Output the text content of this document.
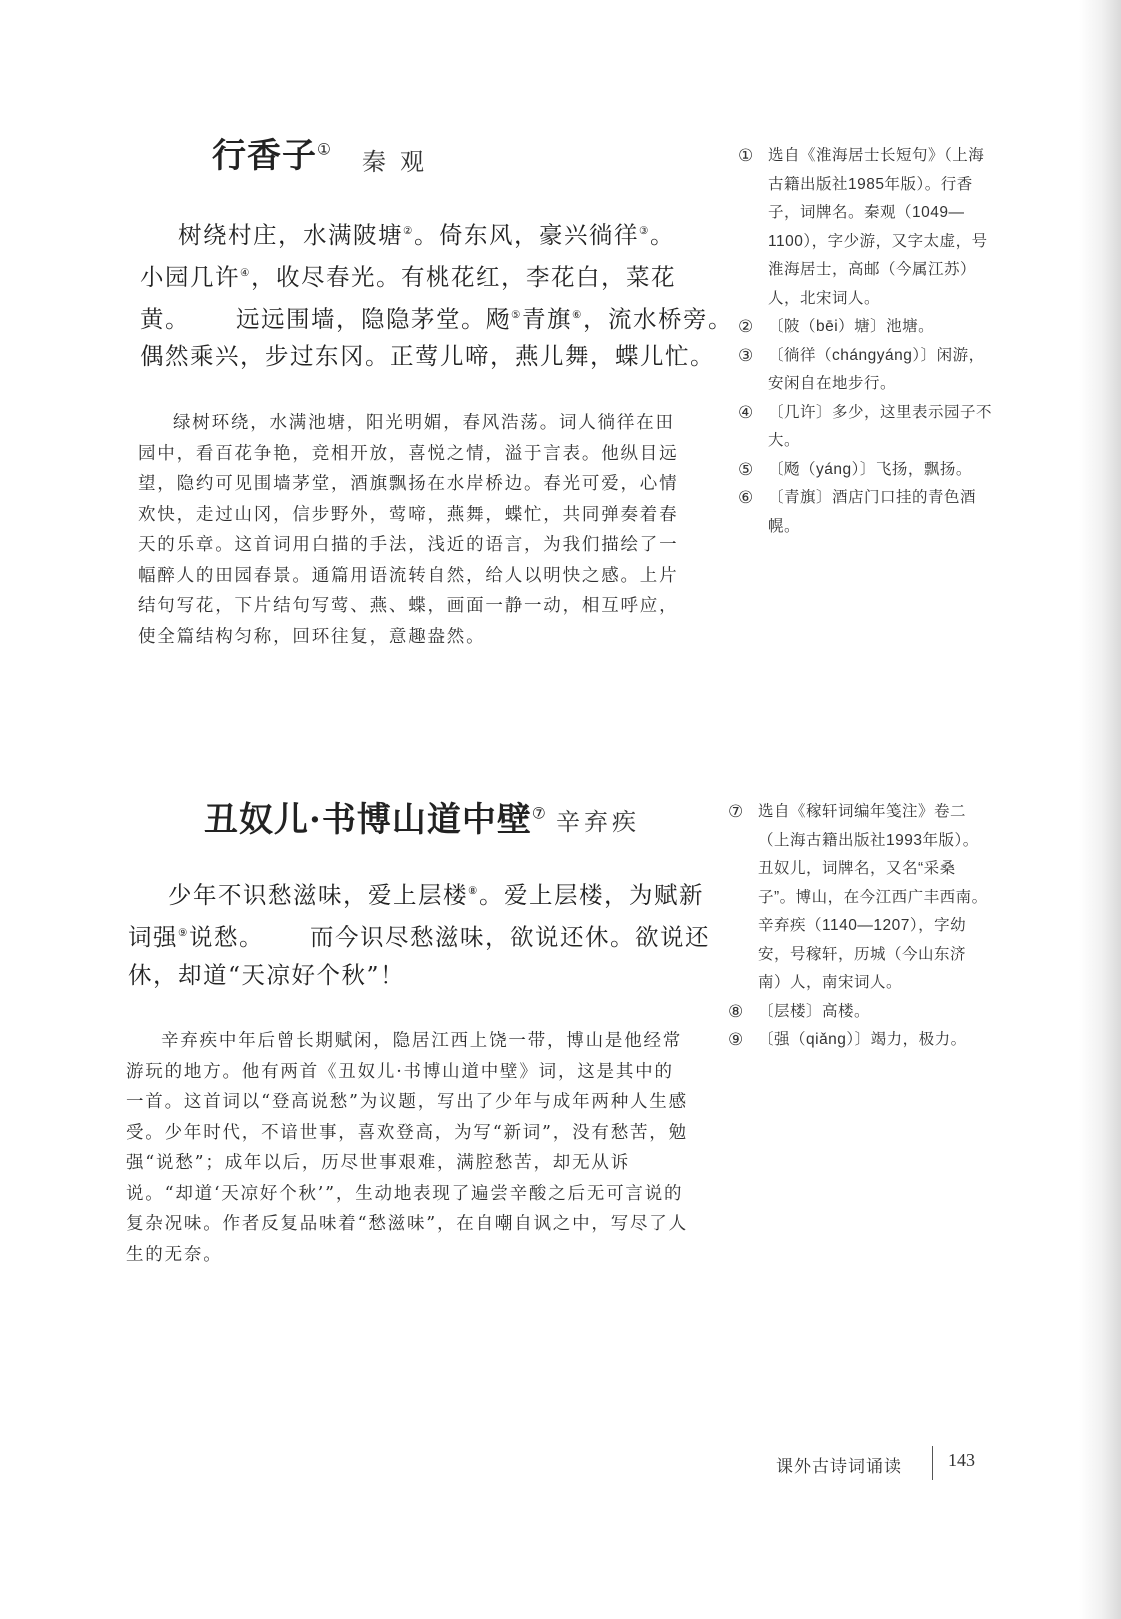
行香子① 秦观
树绕村庄，水满陂塘②。倚东风，豪兴徜徉③。
小园几许④，收尽春光。有桃花红，李花白，菜花
黄。 远远围墙，隐隐茅堂。飏⑤青旗⑥，流水桥旁。
偶然乘兴，步过东冈。正莺儿啼，燕儿舞，蝶儿忙。

绿树环绕，水满池塘，阳光明媚，春风浩荡。词人徜徉在田园中，看百花争艳，竞相开放，喜悦之情，溢于言表。他纵目远望，隐约可见围墙茅堂，酒旗飘扬在水岸桥边。春光可爱，心情欢快，走过山冈，信步野外，莺啼，燕舞，蝶忙，共同弹奏着春天的乐章。这首词用白描的手法，浅近的语言，为我们描绘了一幅醉人的田园春景。通篇用语流转自然，给人以明快之感。上片结句写花，下片结句写莺、燕、蝶，画面一静一动，相互呼应，使全篇结构匀称，回环往复，意趣盎然。

① 选自《淮海居士长短句》（上海古籍出版社1985年版）。行香子，词牌名。秦观（1049—1100），字少游，又字太虚，号淮海居士，高邮（今属江苏）人，北宋词人。
② 〔陂（bēi）塘〕池塘。
③ 〔徜徉（chángyáng）〕闲游，安闲自在地步行。
④ 〔几许〕多少，这里表示园子不大。
⑤ 〔飏（yáng）〕飞扬，飘扬。
⑥ 〔青旗〕酒店门口挂的青色酒幌。
丑奴儿·书博山道中壁⑦ 辛弃疾
少年不识愁滋味，爱上层楼⑧。爱上层楼，为赋新
词强⑨说愁。 而今识尽愁滋味，欲说还休。欲说还
休，却道“天凉好个秋”！

辛弃疾中年后曾长期赋闲，隐居江西上饶一带，博山是他经常游玩的地方。他有两首《丑奴儿·书博山道中壁》词，这是其中的一首。这首词以“登高说愁”为议题，写出了少年与成年两种人生感受。少年时代，不谙世事，喜欢登高，为写“新词”，没有愁苦，勉强“说愁”；成年以后，历尽世事艰难，满腔愁苦，却无从诉说。“却道‘天凉好个秋’”，生动地表现了遍尝辛酸之后无可言说的复杂况味。作者反复品味着“愁滋味”，在自嘲自讽之中，写尽了人生的无奈。

⑦ 选自《稼轩词编年笺注》卷二（上海古籍出版社1993年版）。丑奴儿，词牌名，又名“采桑子”。博山，在今江西广丰西南。辛弃疾（1140—1207），字幼安，号稼轩，历城（今山东济南）人，南宋词人。
⑧ 〔层楼〕高楼。
⑨ 〔强（qiǎng）〕竭力，极力。
课外古诗词诵读	143
